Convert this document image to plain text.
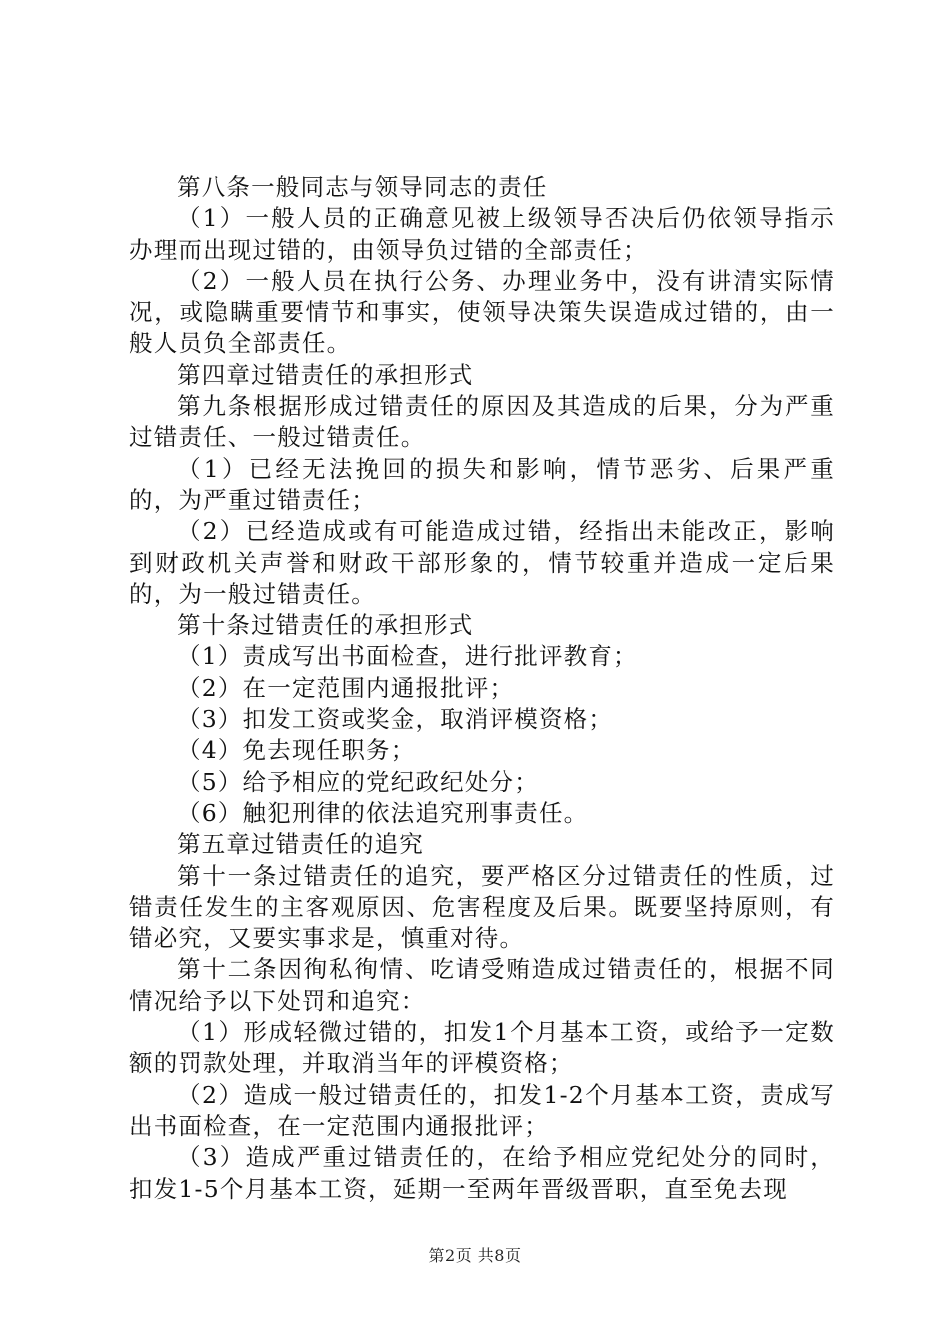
第八条一般同志与领导同志的责任

（1）一般人员的正确意见被上级领导否决后仍依领导指示办理而出现过错的，由领导负过错的全部责任；

（2）一般人员在执行公务、办理业务中，没有讲清实际情况，或隐瞒重要情节和事实，使领导决策失误造成过错的，由一般人员负全部责任。

第四章过错责任的承担形式

第九条根据形成过错责任的原因及其造成的后果，分为严重过错责任、一般过错责任。

（1）已经无法挽回的损失和影响，情节恶劣、后果严重的，为严重过错责任；

（2）已经造成或有可能造成过错，经指出未能改正，影响到财政机关声誉和财政干部形象的，情节较重并造成一定后果的，为一般过错责任。

第十条过错责任的承担形式

（1）责成写出书面检查，进行批评教育；

（2）在一定范围内通报批评；

（3）扣发工资或奖金，取消评模资格；

（4）免去现任职务；

（5）给予相应的党纪政纪处分；

（6）触犯刑律的依法追究刑事责任。

第五章过错责任的追究

第十一条过错责任的追究，要严格区分过错责任的性质，过错责任发生的主客观原因、危害程度及后果。既要坚持原则，有错必究，又要实事求是，慎重对待。

第十二条因徇私徇情、吃请受贿造成过错责任的，根据不同情况给予以下处罚和追究：

（1）形成轻微过错的，扣发1个月基本工资，或给予一定数额的罚款处理，并取消当年的评模资格；

（2）造成一般过错责任的，扣发1-2个月基本工资，责成写出书面检查，在一定范围内通报批评；

（3）造成严重过错责任的，在给予相应党纪处分的同时，扣发1-5个月基本工资，延期一至两年晋级晋职，直至免去现

第2页 共8页
